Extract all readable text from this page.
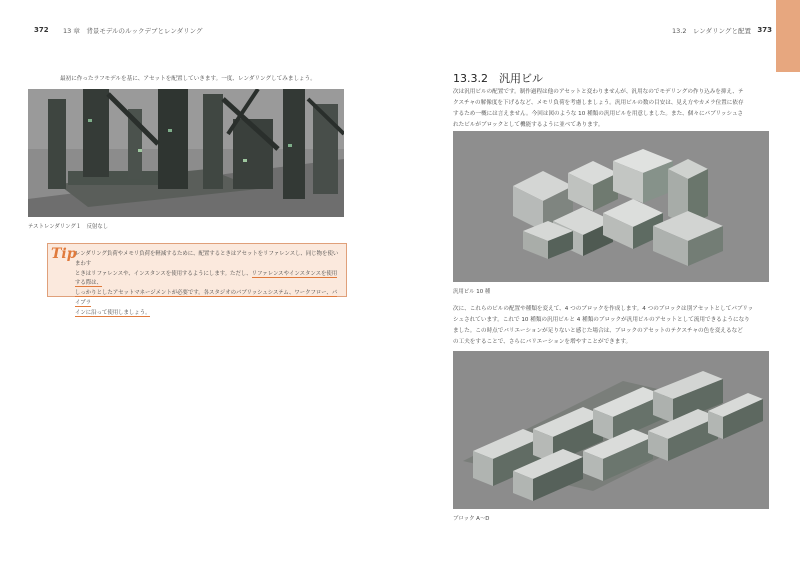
372 13 章　背景モデルのルックデブとレンダリング
最初に作ったラフモデルを基に、アセットを配置していきます。一度、レンダリングしてみましょう。
テストレンダリング１　反射なし
Tip
レンダリング負荷やメモリ負荷を軽減するために、配置するときはアセットをリファレンスし、同じ物を使いまわす
ときはリファレンスや、インスタンスを使用するようにします。ただし、リファレンスやインスタンスを使用する際は、
しっかりとしたアセットマネージメントが必要です。各スタジオのパブリッシュシステム、ワークフロー、パイプラ
インに沿って使用しましょう。
373
13.2　レンダリングと配置
13.3.2　汎用ビル
次は汎用ビルの配置です。制作過程は他のアセットと変わりませんが、汎用なのでモデリングの作り込みを抑え、テ
クスチャの解像度を下げるなど、メモリ負荷を考慮しましょう。汎用ビルの数の目安は、見え方やカメラ位置に依存
するため一概には言えません。今回は図のような 10 種類の汎用ビルを用意しました。また、個々にパブリッシュさ
れたビルがブロックとして機能するように並べてあります。
汎用ビル 10 種
次に、これらのビルの配置や種類を変えて、4 つのブロックを作成します。4 つのブロックは別アセットとしてパブリッ
シュされています。これで 10 種類の汎用ビルと 4 種類のブロックが汎用ビルのアセットとして流用できるようになり
ました。この時点でバリエーションが足りないと感じた場合は、ブロックのアセットのテクスチャの色を変えるなど
の工夫をすることで、さらにバリエーションを増やすことができます。
ブロック A〜D
